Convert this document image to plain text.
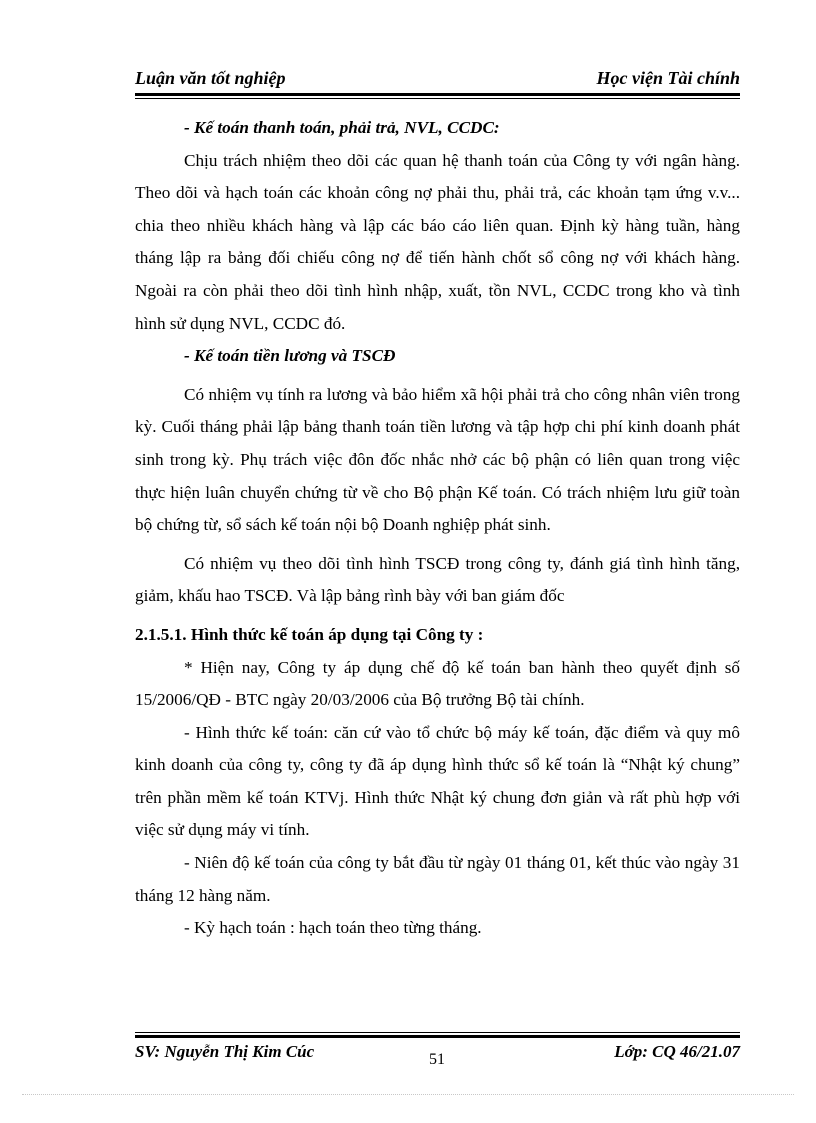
Luận văn tốt nghiệp	Học viện Tài chính

- Kế toán thanh toán, phải trả, NVL, CCDC:

Chịu trách nhiệm theo dõi các quan hệ thanh toán của Công ty với ngân hàng. Theo dõi và hạch toán các khoản công nợ phải thu, phải trả, các khoản tạm ứng v.v... chia theo nhiều khách hàng và lập các báo cáo liên quan. Định kỳ hàng tuần, hàng tháng lập ra bảng đối chiếu công nợ để tiến hành chốt sổ công nợ với khách hàng. Ngoài ra còn phải theo dõi tình hình nhập, xuất, tồn NVL, CCDC trong kho và tình hình sử dụng NVL, CCDC đó.

- Kế toán tiền lương và TSCĐ

Có nhiệm vụ tính ra lương và bảo hiểm xã hội phải trả cho công nhân viên trong kỳ. Cuối tháng phải lập bảng thanh toán tiền lương và tập hợp chi phí kinh doanh phát sinh trong kỳ. Phụ trách việc đôn đốc nhắc nhở các bộ phận có liên quan trong việc thực hiện luân chuyển chứng từ về cho Bộ phận Kế toán. Có trách nhiệm lưu giữ toàn bộ chứng từ, sổ sách kế toán nội bộ Doanh nghiệp phát sinh.

Có nhiệm vụ theo dõi tình hình TSCĐ trong công ty, đánh giá tình hình tăng, giảm, khấu hao TSCĐ. Và lập bảng rình bày với ban giám đốc

2.1.5.1. Hình thức kế toán áp dụng tại Công ty :

* Hiện nay, Công ty áp dụng chế độ kế toán ban hành theo quyết định số 15/2006/QĐ - BTC ngày 20/03/2006 của Bộ trưởng Bộ tài chính.

- Hình thức kế toán: căn cứ vào tổ chức bộ máy kế toán, đặc điểm và quy mô kinh doanh của công ty, công ty đã áp dụng hình thức sổ kế toán là “Nhật ký chung” trên phần mềm kế toán KTVj. Hình thức Nhật ký chung đơn giản và rất phù hợp với việc sử dụng máy vi tính.

- Niên độ kế toán của công ty bắt đầu từ ngày 01 tháng 01, kết thúc vào ngày 31 tháng 12 hàng năm.

- Kỳ hạch toán : hạch toán theo từng tháng.

SV: Nguyễn Thị Kim Cúc	51	Lớp: CQ 46/21.07
